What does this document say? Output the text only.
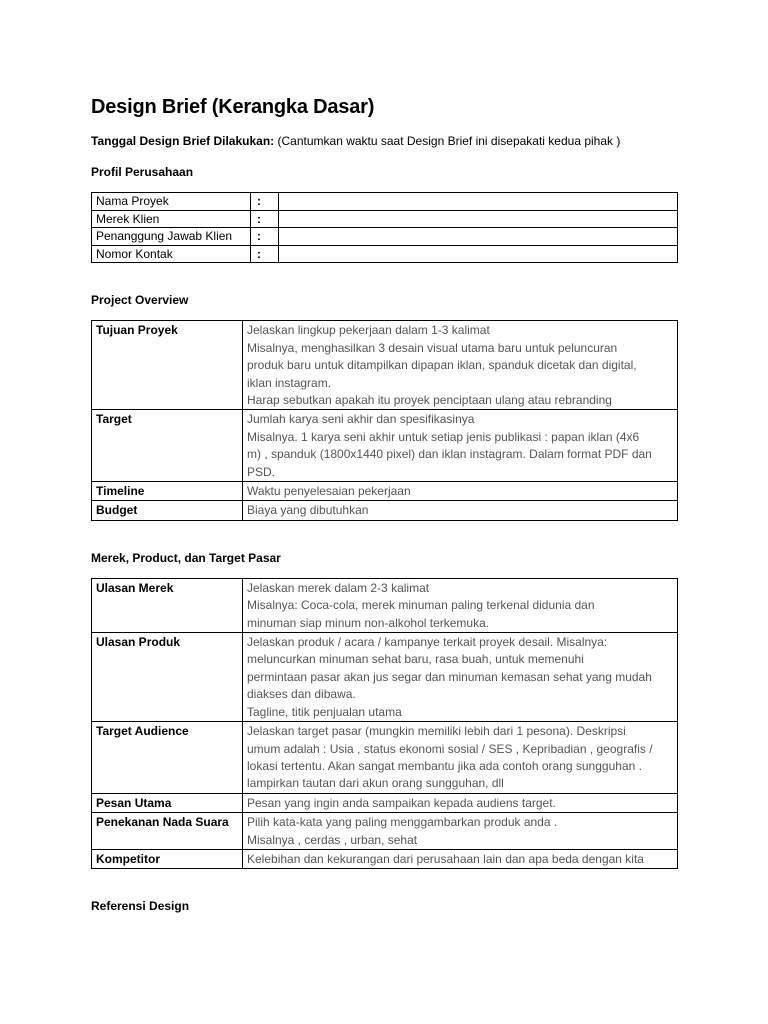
Design Brief (Kerangka Dasar)
Tanggal Design Brief Dilakukan: (Cantumkan waktu saat Design Brief ini disepakati kedua pihak )
Profil Perusahaan
Nama Proyek	:	
Merek Klien	:	
Penanggung Jawab Klien	:	
Nomor Kontak	:	
Project Overview
Tujuan Proyek	Jelaskan lingkup pekerjaan dalam 1-3 kalimat
Misalnya, menghasilkan 3 desain visual utama baru untuk peluncuran
produk baru untuk ditampilkan dipapan iklan, spanduk dicetak dan digital,
iklan instagram.
Harap sebutkan apakah itu proyek penciptaan ulang atau rebranding

Target	Jumlah karya seni akhir dan spesifikasinya
Misalnya. 1 karya seni akhir untuk setiap jenis publikasi : papan iklan (4x6
m) , spanduk (1800x1440 pixel) dan iklan instagram. Dalam format PDF dan
PSD.

Timeline	Waktu penyelesaian pekerjaan

Budget	Biaya yang dibutuhkan
Merek, Product, dan Target Pasar
Ulasan Merek	Jelaskan merek dalam 2-3 kalimat
Misalnya: Coca-cola, merek minuman paling terkenal didunia dan
minuman siap minum non-alkohol terkemuka.

Ulasan Produk	Jelaskan produk / acara / kampanye terkait proyek desail. Misalnya:
meluncurkan minuman sehat baru, rasa buah, untuk memenuhi
permintaan pasar akan jus segar dan minuman kemasan sehat yang mudah
diakses dan dibawa.
Tagline, titik penjualan utama

Target Audience	Jelaskan target pasar (mungkin memiliki lebih dari 1 pesona). Deskripsi
umum adalah : Usia , status ekonomi sosial / SES , Kepribadian , geografis /
lokasi tertentu. Akan sangat membantu jika ada contoh orang sungguhan .
lampirkan tautan dari akun orang sungguhan, dll

Pesan Utama	Pesan yang ingin anda sampaikan kepada audiens target.

Penekanan Nada Suara	Pilih kata-kata yang paling menggambarkan produk anda .
Misalnya , cerdas , urban, sehat

Kompetitor	Kelebihan dan kekurangan dari perusahaan lain dan apa beda dengan kita
Referensi Design
